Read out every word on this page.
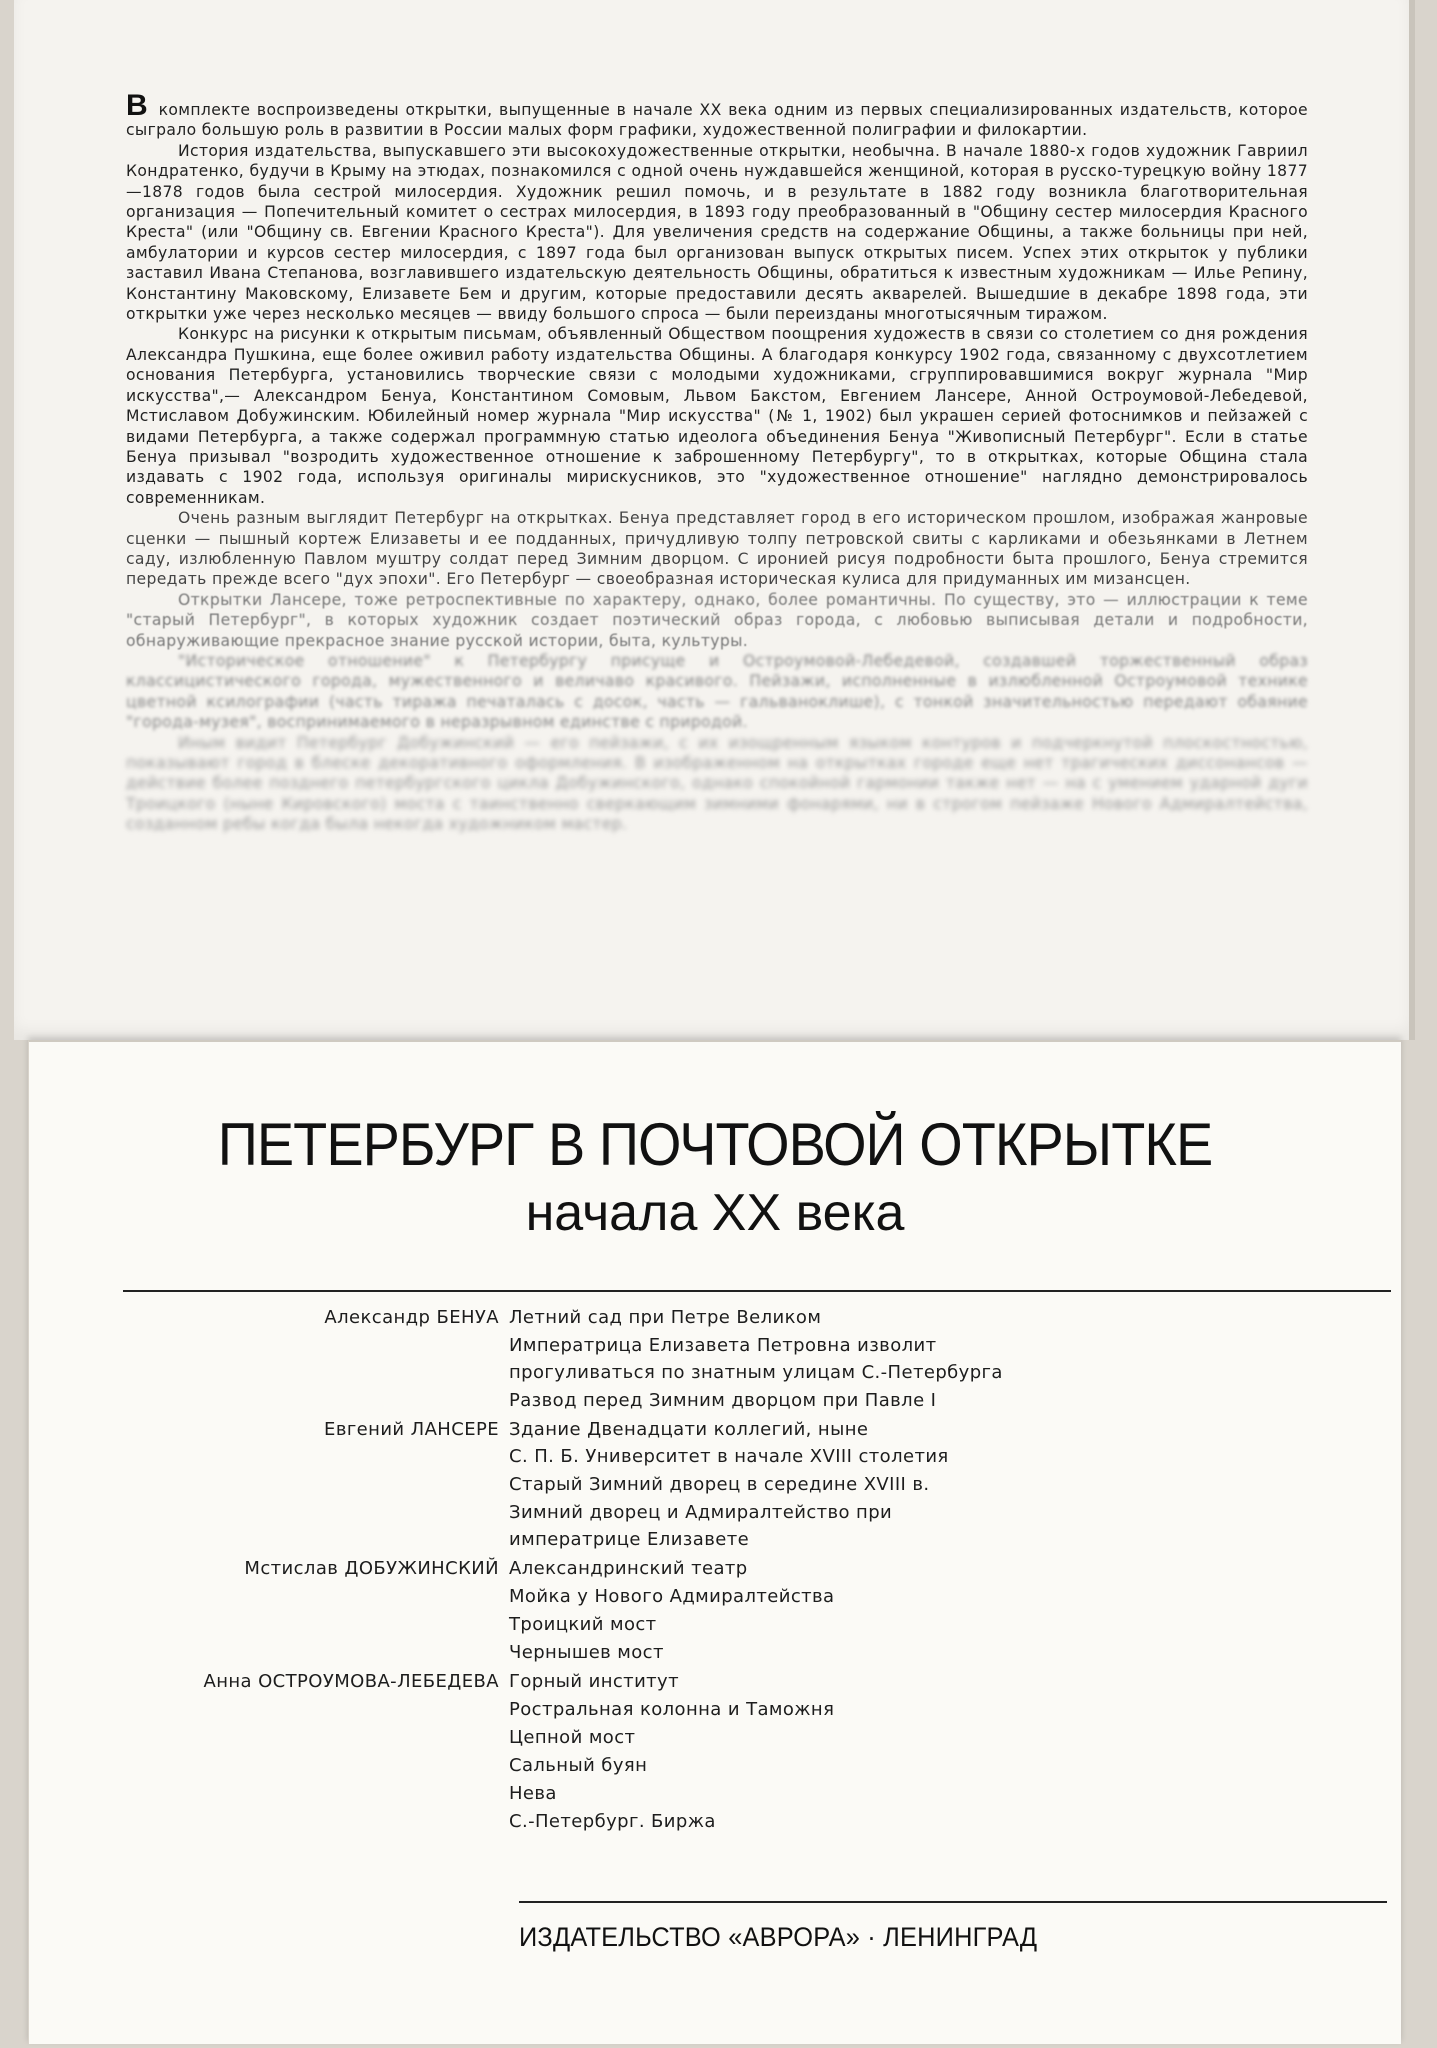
В комплекте воспроизведены открытки, выпущенные в начале XX века одним из первых специализированных издательств, которое сыграло большую роль в развитии в России малых форм графики, художественной полиграфии и филокартии.

История издательства, выпускавшего эти высокохудожественные открытки, необычна. В начале 1880-х годов художник Гавриил Кондратенко, будучи в Крыму на этюдах, познакомился с одной очень нуждавшейся женщиной, которая в русско-турецкую войну 1877—1878 годов была сестрой милосердия. Художник решил помочь, и в результате в 1882 году возникла благотворительная организация — Попечительный комитет о сестрах милосердия, в 1893 году преобразованный в "Общину сестер милосердия Красного Креста" (или "Общину св. Евгении Красного Креста"). Для увеличения средств на содержание Общины, а также больницы при ней, амбулатории и курсов сестер милосердия, с 1897 года был организован выпуск открытых писем. Успех этих открыток у публики заставил Ивана Степанова, возглавившего издательскую деятельность Общины, обратиться к известным художникам — Илье Репину, Константину Маковскому, Елизавете Бем и другим, которые предоставили десять акварелей. Вышедшие в декабре 1898 года, эти открытки уже через несколько месяцев — ввиду большого спроса — были переизданы многотысячным тиражом.

Конкурс на рисунки к открытым письмам, объявленный Обществом поощрения художеств в связи со столетием со дня рождения Александра Пушкина, еще более оживил работу издательства Общины. А благодаря конкурсу 1902 года, связанному с двухсотлетием основания Петербурга, установились творческие связи с молодыми художниками, сгруппировавшимися вокруг журнала "Мир искусства",— Александром Бенуа, Константином Сомовым, Львом Бакстом, Евгением Лансере, Анной Остроумовой-Лебедевой, Мстиславом Добужинским. Юбилейный номер журнала "Мир искусства" (№ 1, 1902) был украшен серией фотоснимков и пейзажей с видами Петербурга, а также содержал программную статью идеолога объединения Бенуа "Живописный Петербург". Если в статье Бенуа призывал "возродить художественное отношение к заброшенному Петербургу", то в открытках, которые Община стала издавать с 1902 года, используя оригиналы мирискусников, это "художественное отношение" наглядно демонстрировалось современникам.

Очень разным выглядит Петербург на открытках. Бенуа представляет город в его историческом прошлом, изображая жанровые сценки — пышный кортеж Елизаветы и ее подданных, причудливую толпу петровской свиты с карликами и обезьянками в Летнем саду, излюбленную Павлом муштру солдат перед Зимним дворцом. С иронией рисуя подробности быта прошлого, Бенуа стремится передать прежде всего "дух эпохи". Его Петербург — своеобразная историческая кулиса для придуманных им мизансцен.

Открытки Лансере, тоже ретроспективные по характеру, однако, более романтичны. По существу, это — иллюстрации к теме "старый Петербург", в которых художник создает поэтический образ города, с любовью выписывая детали и подробности, обнаруживающие прекрасное знание русской истории, быта, культуры.

"Историческое отношение" к Петербургу присуще и Остроумовой-Лебедевой, создавшей торжественный образ классицистического города, мужественного и величаво красивого. Пейзажи, исполненные в излюбленной Остроумовой технике цветной ксилографии (часть тиража печаталась с досок, часть — гальваноклише), с тонкой значительностью передают обаяние "города-музея", воспринимаемого в неразрывном единстве с природой.

Иным видит Петербург Добужинский — его пейзажи, с их изощренным языком контуров и подчеркнутой плоскостностью, показывают город в блеске декоративного оформления. В изображенном на открытках городе еще нет трагических диссонансов — действие более позднего петербургского цикла Добужинского, однако спокойной гармонии также нет — на с умением ударной дуги Троицкого (ныне Кировского) моста с таинственно сверкающим зимними фонарями, ни в строгом пейзаже Нового Адмиралтейства, созданном ребы когда была некогда художником мастер.

ПЕТЕРБУРГ В ПОЧТОВОЙ ОТКРЫТКЕ
начала XX века
Александр БЕНУА Летний сад при Петре Великом
Императрица Елизавета Петровна изволит
прогуливаться по знатным улицам С.-Петербурга
Развод перед Зимним дворцом при Павле I
Евгений ЛАНСЕРЕ Здание Двенадцати коллегий, ныне
С. П. Б. Университет в начале XVIII столетия
Старый Зимний дворец в середине XVIII в.
Зимний дворец и Адмиралтейство при
императрице Елизавете
Мстислав ДОБУЖИНСКИЙ Александринский театр
Мойка у Нового Адмиралтейства
Троицкий мост
Чернышев мост
Анна ОСТРОУМОВА-ЛЕБЕДЕВА Горный институт
Ростральная колонна и Таможня
Цепной мост
Сальный буян
Нева
С.-Петербург. Биржа
ИЗДАТЕЛЬСТВО «АВРОРА» · ЛЕНИНГРАД
